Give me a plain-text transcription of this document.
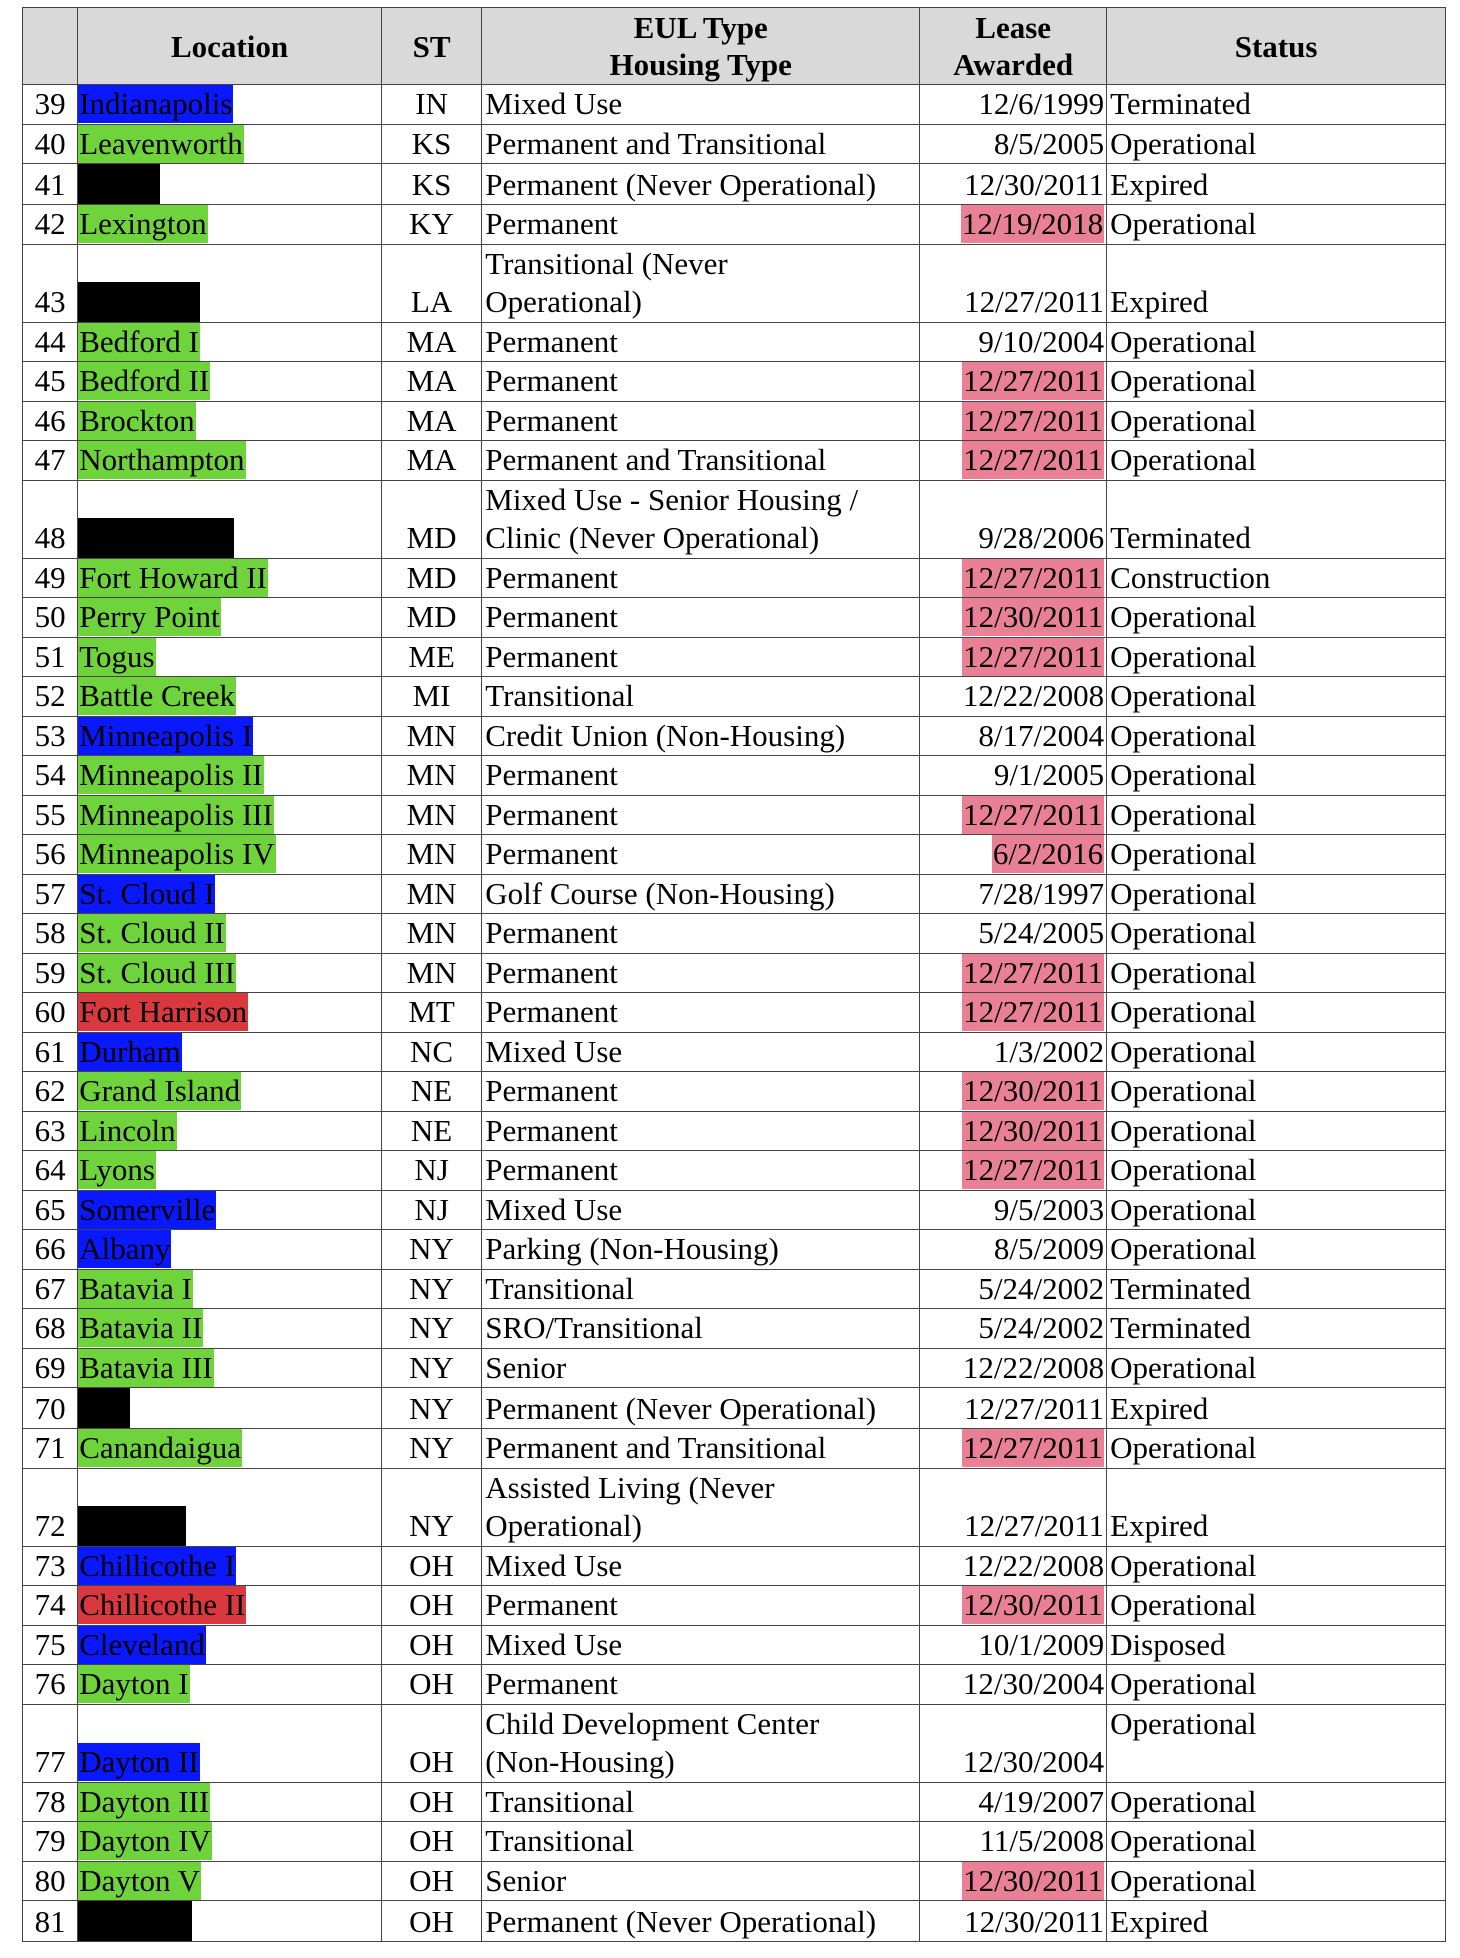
	Location	ST	EUL Type
Housing Type	Lease
Awarded	Status
39	Indianapolis	IN	Mixed Use	12/6/1999	Terminated
40	Leavenworth	KS	Permanent and Transitional	8/5/2005	Operational
41		KS	Permanent (Never Operational)	12/30/2011	Expired
42	Lexington	KY	Permanent	12/19/2018	Operational
43		LA	Transitional (Never
Operational)	12/27/2011	Expired
44	Bedford I	MA	Permanent	9/10/2004	Operational
45	Bedford II	MA	Permanent	12/27/2011	Operational
46	Brockton	MA	Permanent	12/27/2011	Operational
47	Northampton	MA	Permanent and Transitional	12/27/2011	Operational
48		MD	Mixed Use - Senior Housing /
Clinic (Never Operational)	9/28/2006	Terminated
49	Fort Howard II	MD	Permanent	12/27/2011	Construction
50	Perry Point	MD	Permanent	12/30/2011	Operational
51	Togus	ME	Permanent	12/27/2011	Operational
52	Battle Creek	MI	Transitional	12/22/2008	Operational
53	Minneapolis I	MN	Credit Union (Non-Housing)	8/17/2004	Operational
54	Minneapolis II	MN	Permanent	9/1/2005	Operational
55	Minneapolis III	MN	Permanent	12/27/2011	Operational
56	Minneapolis IV	MN	Permanent	6/2/2016	Operational
57	St. Cloud I	MN	Golf Course (Non-Housing)	7/28/1997	Operational
58	St. Cloud II	MN	Permanent	5/24/2005	Operational
59	St. Cloud III	MN	Permanent	12/27/2011	Operational
60	Fort Harrison	MT	Permanent	12/27/2011	Operational
61	Durham	NC	Mixed Use	1/3/2002	Operational
62	Grand Island	NE	Permanent	12/30/2011	Operational
63	Lincoln	NE	Permanent	12/30/2011	Operational
64	Lyons	NJ	Permanent	12/27/2011	Operational
65	Somerville	NJ	Mixed Use	9/5/2003	Operational
66	Albany	NY	Parking (Non-Housing)	8/5/2009	Operational
67	Batavia I	NY	Transitional	5/24/2002	Terminated
68	Batavia II	NY	SRO/Transitional	5/24/2002	Terminated
69	Batavia III	NY	Senior	12/22/2008	Operational
70		NY	Permanent (Never Operational)	12/27/2011	Expired
71	Canandaigua	NY	Permanent and Transitional	12/27/2011	Operational
72		NY	Assisted Living (Never
Operational)	12/27/2011	Expired
73	Chillicothe I	OH	Mixed Use	12/22/2008	Operational
74	Chillicothe II	OH	Permanent	12/30/2011	Operational
75	Cleveland	OH	Mixed Use	10/1/2009	Disposed
76	Dayton I	OH	Permanent	12/30/2004	Operational
77	Dayton II	OH	Child Development Center
(Non-Housing)	12/30/2004	Operational
78	Dayton III	OH	Transitional	4/19/2007	Operational
79	Dayton IV	OH	Transitional	11/5/2008	Operational
80	Dayton V	OH	Senior	12/30/2011	Operational
81		OH	Permanent (Never Operational)	12/30/2011	Expired
